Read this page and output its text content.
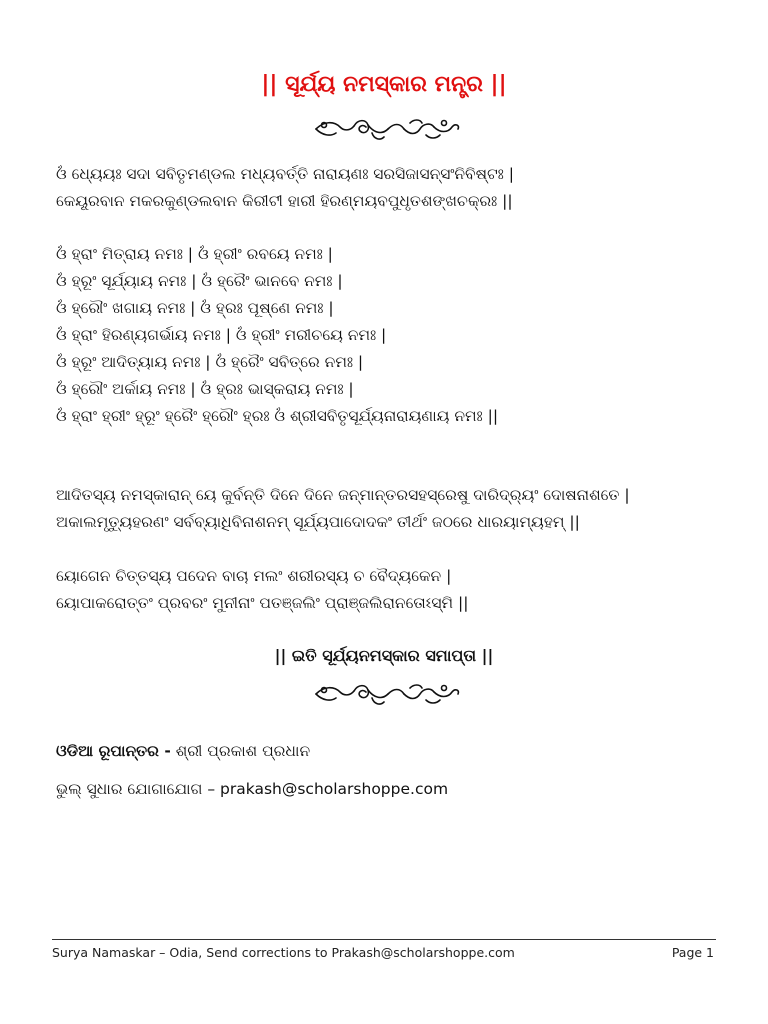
|| ସୂର୍ଯ୍ୟ ନମସ୍କାର ମନ୍ତ୍ର ||
ଓଁ ଧ୍ୟେୟଃ ସଦା ସବିତୃମଣ୍ଡଲ ମଧ୍ୟବର୍ତ୍ତି ନାରାୟଣଃ ସରସିଜାସନ୍ସଂନିବିଷ୍ଟଃ |
କେୟୂରବାନ ମକରକୁଣ୍ଡଲବାନ କିରୀଟୀ ହାରୀ ହିରଣ୍ମୟବପୁଧୃତଶଙ୍ଖଚକ୍ରଃ ||
ଓଁ ହ୍ରାଂ ମିତ୍ରାୟ ନମଃ | ଓଁ ହ୍ରୀଂ ରବୟେ ନମଃ |
ଓଁ ହ୍ରୂଂ ସୂର୍ଯ୍ୟାୟ ନମଃ | ଓଁ ହ୍ରୈଂ ଭାନବେ ନମଃ |
ଓଁ ହ୍ରୌଂ ଖଗାୟ ନମଃ | ଓଁ ହ୍ରଃ ପୂଷ୍ଣେ ନମଃ |
ଓଁ ହ୍ରାଂ ହିରଣ୍ୟଗର୍ଭାୟ ନମଃ | ଓଁ ହ୍ରୀଂ ମରୀଚୟେ ନମଃ |
ଓଁ ହ୍ରୂଂ ଆଦିତ୍ୟାୟ ନମଃ | ଓଁ ହ୍ରୈଂ ସବିତ୍ରେ ନମଃ |
ଓଁ ହ୍ରୌଂ ଅର୍କାୟ ନମଃ | ଓଁ ହ୍ରଃ ଭାସ୍କରାୟ ନମଃ |
ଓଁ ହ୍ରାଂ ହ୍ରୀଂ ହ୍ରୂଂ ହ୍ରୈଂ ହ୍ରୌଂ ହ୍ରଃ ଓଁ ଶ୍ରୀସବିତୃସୂର୍ଯ୍ୟନାରାୟଣାୟ ନମଃ ||
ଆଦିତସ୍ୟ ନମସ୍କାରାନ୍ ୟେ କୁର୍ବନ୍ତି ଦିନେ ଦିନେ ଜନ୍ମାନ୍ତରସହସ୍ରେଷୁ ଦାରିଦ୍ର୍ୟଂ ଦୋଷନାଶତେ |
ଅକାଲମୃତ୍ୟୁହରଣଂ ସର୍ବବ୍ୟାଧିବିନାଶନମ୍ ସୂର୍ଯ୍ୟପାଦୋଦକଂ ତୀର୍ଥଂ ଜଠରେ ଧାରୟାମ୍ୟହମ୍ ||
ୟୋଗେନ ଚିତ୍ତସ୍ୟ ପଦେନ ବାଚା ମଲଂ ଶରୀରସ୍ୟ ଚ ବୈଦ୍ୟକେନ |
ୟୋପାକରୋତ୍ତଂ ପ୍ରବରଂ ମୁନୀନାଂ ପତଞ୍ଜଲିଂ ପ୍ରାଞ୍ଜଲିରାନତୋଽସ୍ମି ||
|| ଇତି ସୂର୍ଯ୍ୟନମସ୍କାର ସମାପ୍ତା ||
ଓଡିଆ ରୂପାନ୍ତର - ଶ୍ରୀ ପ୍ରକାଶ ପ୍ରଧାନ
ଭୁଲ୍ ସୁଧାର ଯୋଗାଯୋଗ – prakash@scholarshoppe.com
Surya Namaskar – Odia, Send corrections to Prakash@scholarshoppe.com	Page 1
